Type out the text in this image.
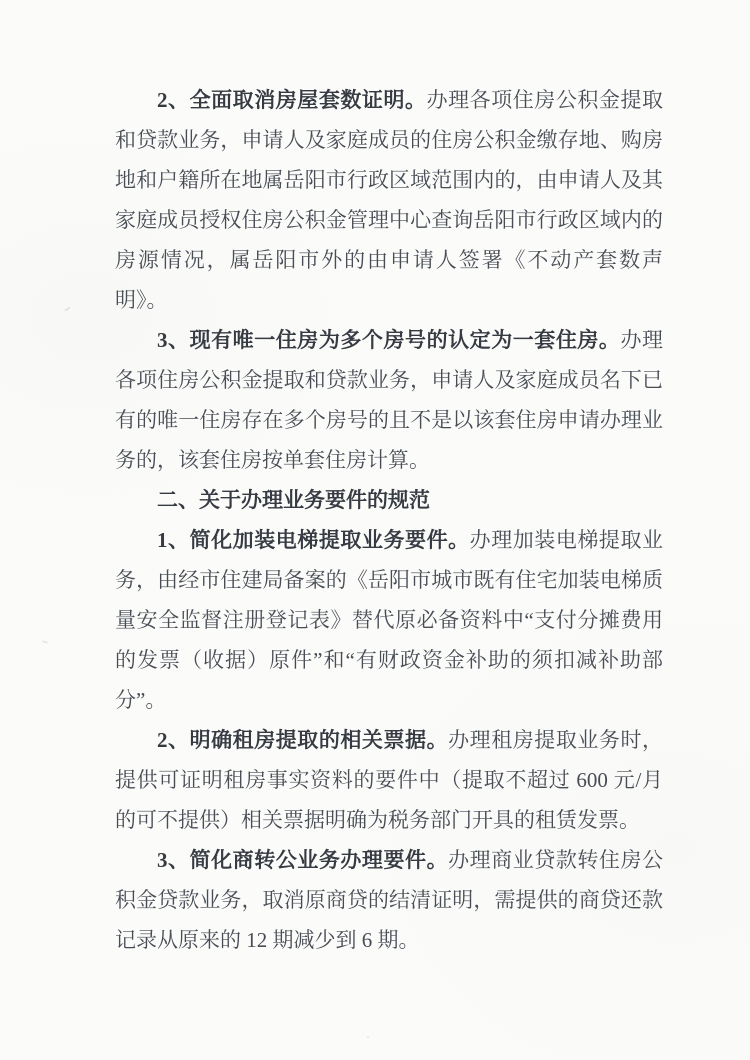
2、全面取消房屋套数证明。办理各项住房公积金提取和贷款业务，申请人及家庭成员的住房公积金缴存地、购房地和户籍所在地属岳阳市行政区域范围内的，由申请人及其家庭成员授权住房公积金管理中心查询岳阳市行政区域内的房源情况，属岳阳市外的由申请人签署《不动产套数声明》。

3、现有唯一住房为多个房号的认定为一套住房。办理各项住房公积金提取和贷款业务，申请人及家庭成员名下已有的唯一住房存在多个房号的且不是以该套住房申请办理业务的，该套住房按单套住房计算。

二、关于办理业务要件的规范

1、简化加装电梯提取业务要件。办理加装电梯提取业务，由经市住建局备案的《岳阳市城市既有住宅加装电梯质量安全监督注册登记表》替代原必备资料中“支付分摊费用的发票（收据）原件”和“有财政资金补助的须扣减补助部分”。

2、明确租房提取的相关票据。办理租房提取业务时，提供可证明租房事实资料的要件中（提取不超过 600 元/月的可不提供）相关票据明确为税务部门开具的租赁发票。

3、简化商转公业务办理要件。办理商业贷款转住房公积金贷款业务，取消原商贷的结清证明，需提供的商贷还款记录从原来的 12 期减少到 6 期。
